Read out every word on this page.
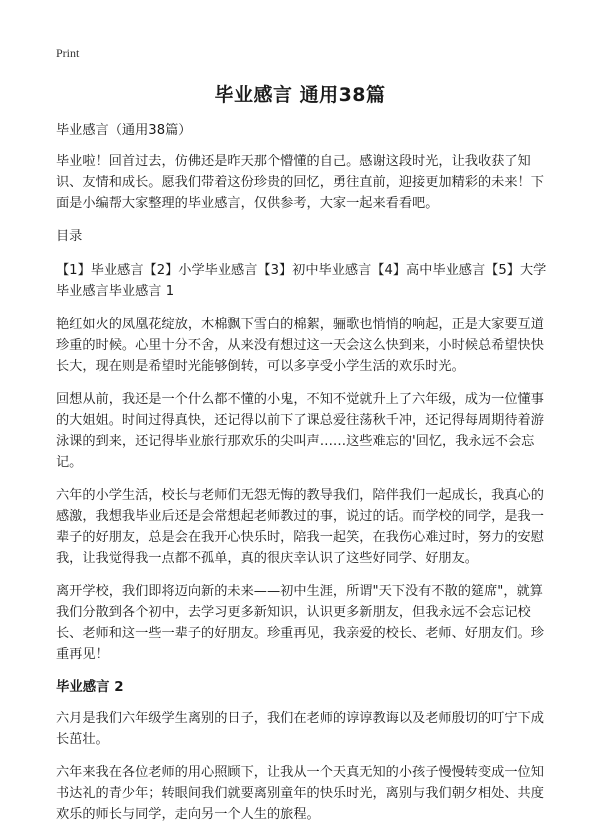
Print
毕业感言 通用38篇

毕业感言（通用38篇）

毕业啦！回首过去，仿佛还是昨天那个懵懂的自己。感谢这段时光，让我收获了知识、友情和成长。愿我们带着这份珍贵的回忆，勇往直前，迎接更加精彩的未来！下面是小编帮大家整理的毕业感言，仅供参考，大家一起来看看吧。

目录

【1】毕业感言【2】小学毕业感言【3】初中毕业感言【4】高中毕业感言【5】大学毕业感言毕业感言 1

艳红如火的凤凰花绽放，木棉飘下雪白的棉絮，骊歌也悄悄的响起，正是大家要互道珍重的时候。心里十分不舍，从来没有想过这一天会这么快到来，小时候总希望快快长大，现在则是希望时光能够倒转，可以多享受小学生活的欢乐时光。

回想从前，我还是一个什么都不懂的小鬼，不知不觉就升上了六年级，成为一位懂事的大姐姐。时间过得真快，还记得以前下了课总爱往荡秋千冲，还记得每周期待着游泳课的到来，还记得毕业旅行那欢乐的尖叫声……这些难忘的'回忆，我永远不会忘记。

六年的小学生活，校长与老师们无怨无悔的教导我们，陪伴我们一起成长，我真心的感激，我想我毕业后还是会常想起老师教过的事，说过的话。而学校的同学，是我一辈子的好朋友，总是会在我开心快乐时，陪我一起笑，在我伤心难过时，努力的安慰我，让我觉得我一点都不孤单，真的很庆幸认识了这些好同学、好朋友。

离开学校，我们即将迈向新的未来——初中生涯，所谓"天下没有不散的筵席"，就算我们分散到各个初中，去学习更多新知识，认识更多新朋友，但我永远不会忘记校长、老师和这一些一辈子的好朋友。珍重再见，我亲爱的校长、老师、好朋友们。珍重再见！

毕业感言 2

六月是我们六年级学生离别的日子，我们在老师的谆谆教诲以及老师殷切的叮宁下成长茁壮。

六年来我在各位老师的用心照顾下，让我从一个天真无知的小孩子慢慢转变成一位知书达礼的青少年；转眼间我们就要离别童年的快乐时光，离别与我们朝夕相处、共度欢乐的师长与同学，走向另一个人生的旅程。
